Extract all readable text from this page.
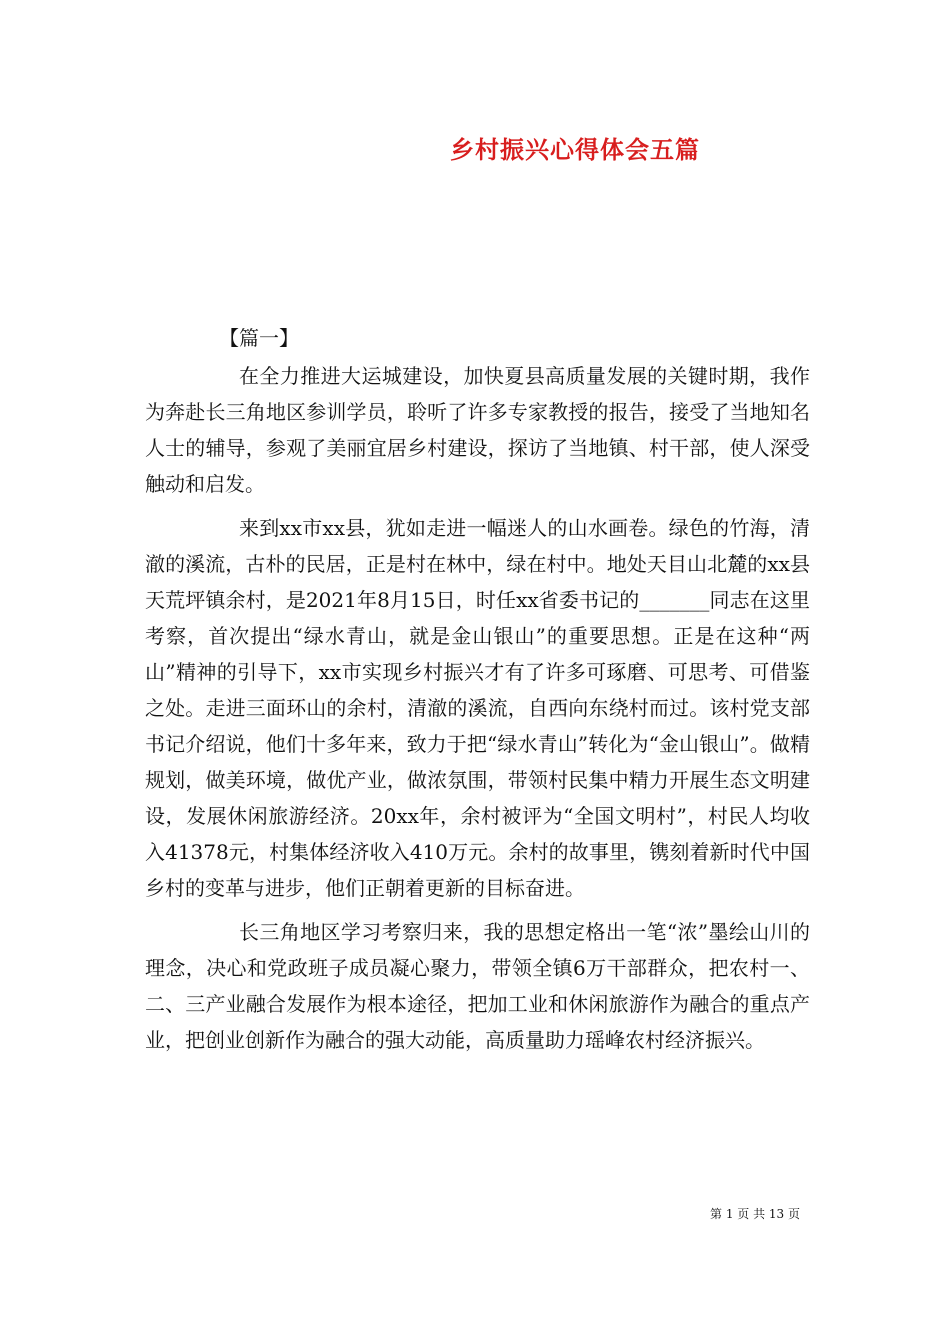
乡村振兴心得体会五篇

【篇一】

在全力推进大运城建设，加快夏县高质量发展的关键时期，我作为奔赴长三角地区参训学员，聆听了许多专家教授的报告，接受了当地知名人士的辅导，参观了美丽宜居乡村建设，探访了当地镇、村干部，使人深受触动和启发。

来到xx市xx县，犹如走进一幅迷人的山水画卷。绿色的竹海，清澈的溪流，古朴的民居，正是村在林中，绿在村中。地处天目山北麓的xx县天荒坪镇余村，是2021年8月15日，时任xx省委书记的_______同志在这里考察，首次提出“绿水青山，就是金山银山”的重要思想。正是在这种“两山”精神的引导下，xx市实现乡村振兴才有了许多可琢磨、可思考、可借鉴之处。走进三面环山的余村，清澈的溪流，自西向东绕村而过。该村党支部书记介绍说，他们十多年来，致力于把“绿水青山”转化为“金山银山”。做精规划，做美环境，做优产业，做浓氛围，带领村民集中精力开展生态文明建设，发展休闲旅游经济。20xx年，余村被评为“全国文明村”，村民人均收入41378元，村集体经济收入410万元。余村的故事里，镌刻着新时代中国乡村的变革与进步，他们正朝着更新的目标奋进。

长三角地区学习考察归来，我的思想定格出一笔“浓”墨绘山川的理念，决心和党政班子成员凝心聚力，带领全镇6万干部群众，把农村一、二、三产业融合发展作为根本途径，把加工业和休闲旅游作为融合的重点产业，把创业创新作为融合的强大动能，高质量助力瑶峰农村经济振兴。

第 1 页 共 13 页
